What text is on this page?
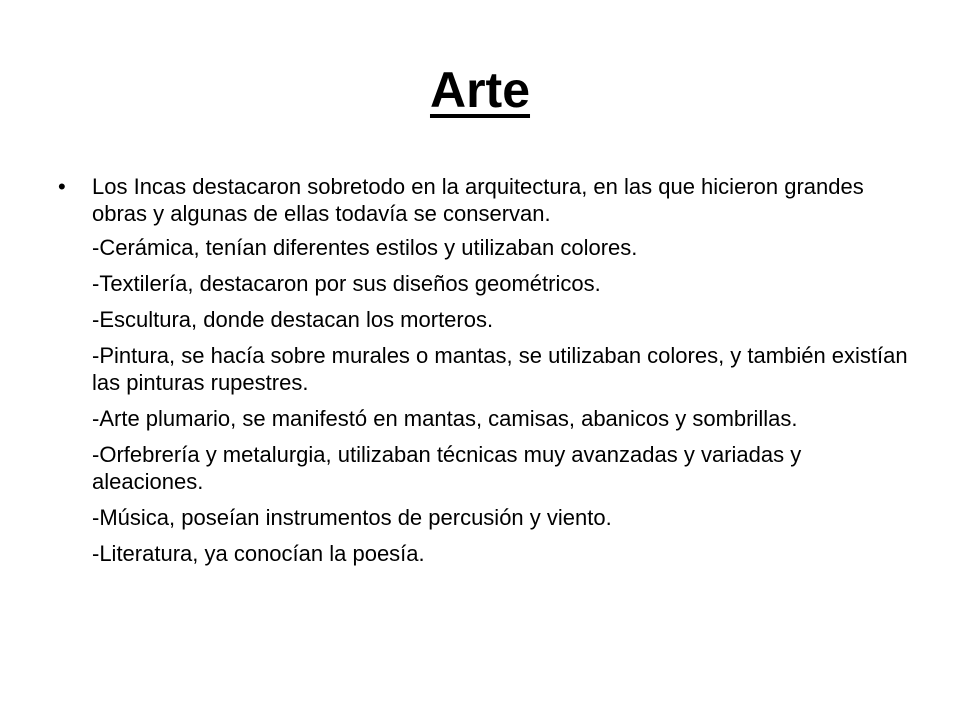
Arte
• Los Incas destacaron sobretodo en la arquitectura, en las que hicieron grandes obras y algunas de ellas todavía se conservan.
-Cerámica, tenían diferentes estilos y utilizaban colores.
-Textilería, destacaron por sus diseños geométricos.
-Escultura, donde destacan los morteros.
-Pintura, se hacía sobre murales o mantas, se utilizaban colores, y también existían las pinturas rupestres.
-Arte plumario, se manifestó en mantas, camisas, abanicos y sombrillas.
-Orfebrería y metalurgia, utilizaban técnicas muy avanzadas y variadas y aleaciones.
-Música, poseían instrumentos de percusión y viento.
-Literatura, ya conocían la poesía.
